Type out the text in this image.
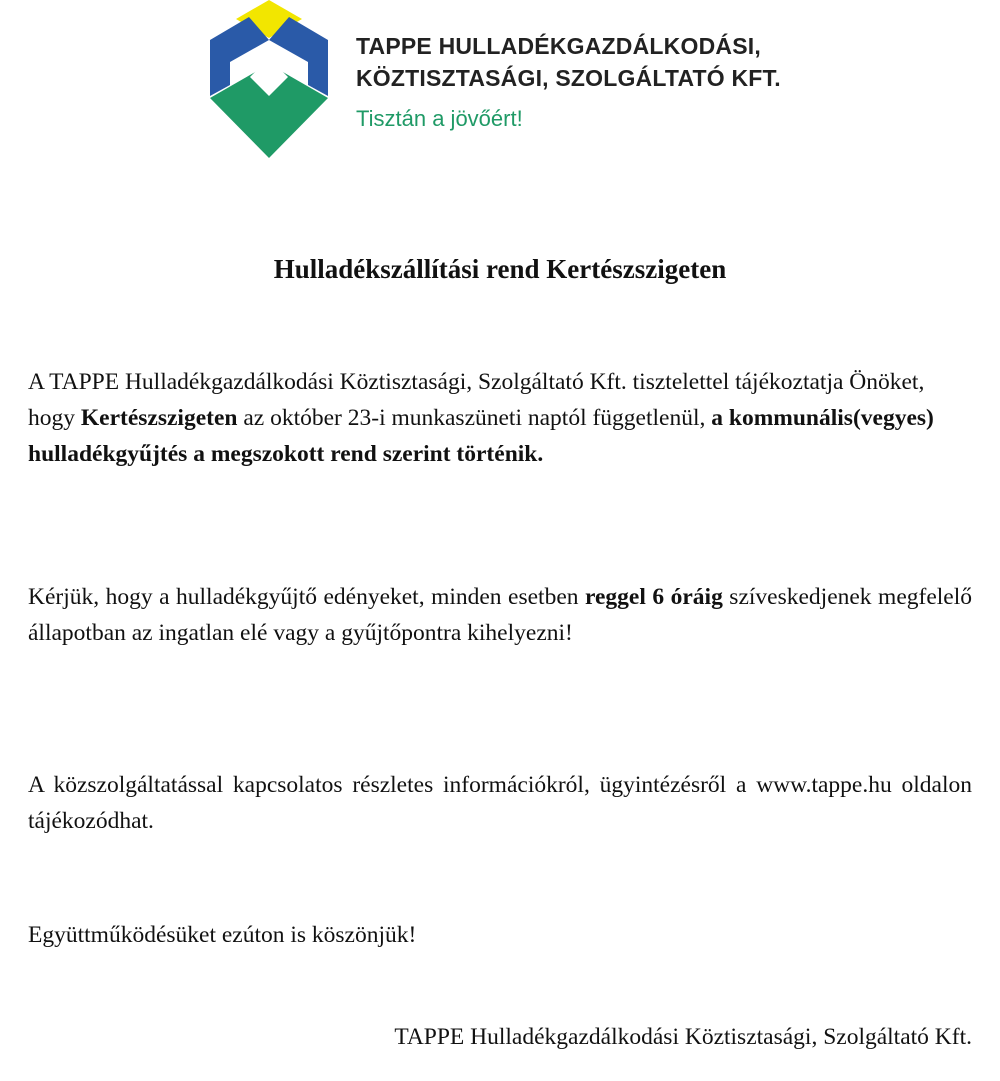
TAPPE HULLADÉKGAZDÁLKODÁSI,
KÖZTISZTASÁGI, SZOLGÁLTATÓ KFT.
Tisztán a jövőért!
Hulladékszállítási rend Kertészszigeten
A TAPPE Hulladékgazdálkodási Köztisztasági, Szolgáltató Kft. tisztelettel tájékoztatja Önöket, hogy Kertészszigeten az október 23-i munkaszüneti naptól függetlenül, a kommunális(vegyes) hulladékgyűjtés a megszokott rend szerint történik.
Kérjük, hogy a hulladékgyűjtő edényeket, minden esetben reggel 6 óráig szíveskedjenek megfelelő állapotban az ingatlan elé vagy a gyűjtőpontra kihelyezni!
A közszolgáltatással kapcsolatos részletes információkról, ügyintézésről a www.tappe.hu oldalon tájékozódhat.
Együttműködésüket ezúton is köszönjük!
TAPPE Hulladékgazdálkodási Köztisztasági, Szolgáltató Kft.
